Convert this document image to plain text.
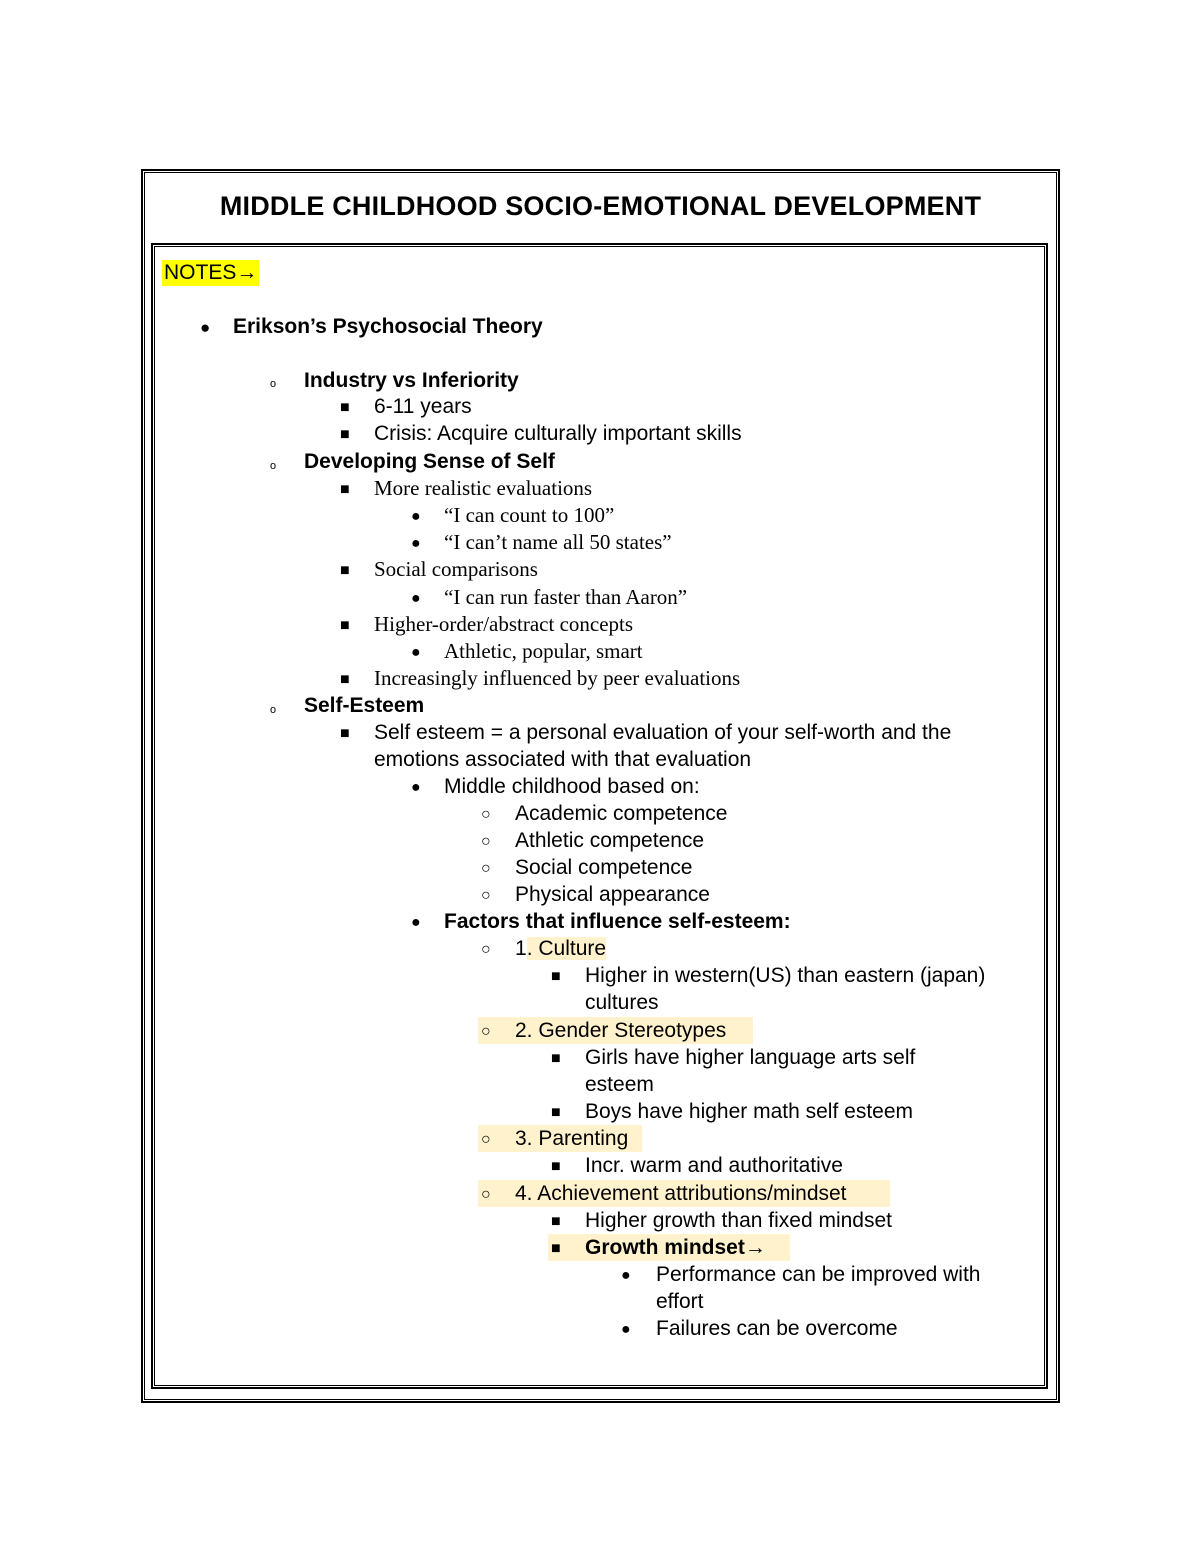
MIDDLE CHILDHOOD SOCIO-EMOTIONAL DEVELOPMENT
NOTES→
● Erikson’s Psychosocial Theory
ₒ Industry vs Inferiority
■ 6-11 years
■ Crisis: Acquire culturally important skills
ₒ Developing Sense of Self
■ More realistic evaluations
● “I can count to 100”
● “I can’t name all 50 states”
■ Social comparisons
● “I can run faster than Aaron”
■ Higher-order/abstract concepts
● Athletic, popular, smart
■ Increasingly influenced by peer evaluations
ₒ Self-Esteem
■ Self esteem = a personal evaluation of your self-worth and the
emotions associated with that evaluation
● Middle childhood based on:
○ Academic competence
○ Athletic competence
○ Social competence
○ Physical appearance
● Factors that influence self-esteem:
○ 1. Culture
■ Higher in western(US) than eastern (japan)
cultures
○ 2. Gender Stereotypes
■ Girls have higher language arts self
esteem
■ Boys have higher math self esteem
○ 3. Parenting
■ Incr. warm and authoritative
○ 4. Achievement attributions/mindset
■ Higher growth than fixed mindset
■ Growth mindset→
● Performance can be improved with
effort
● Failures can be overcome
